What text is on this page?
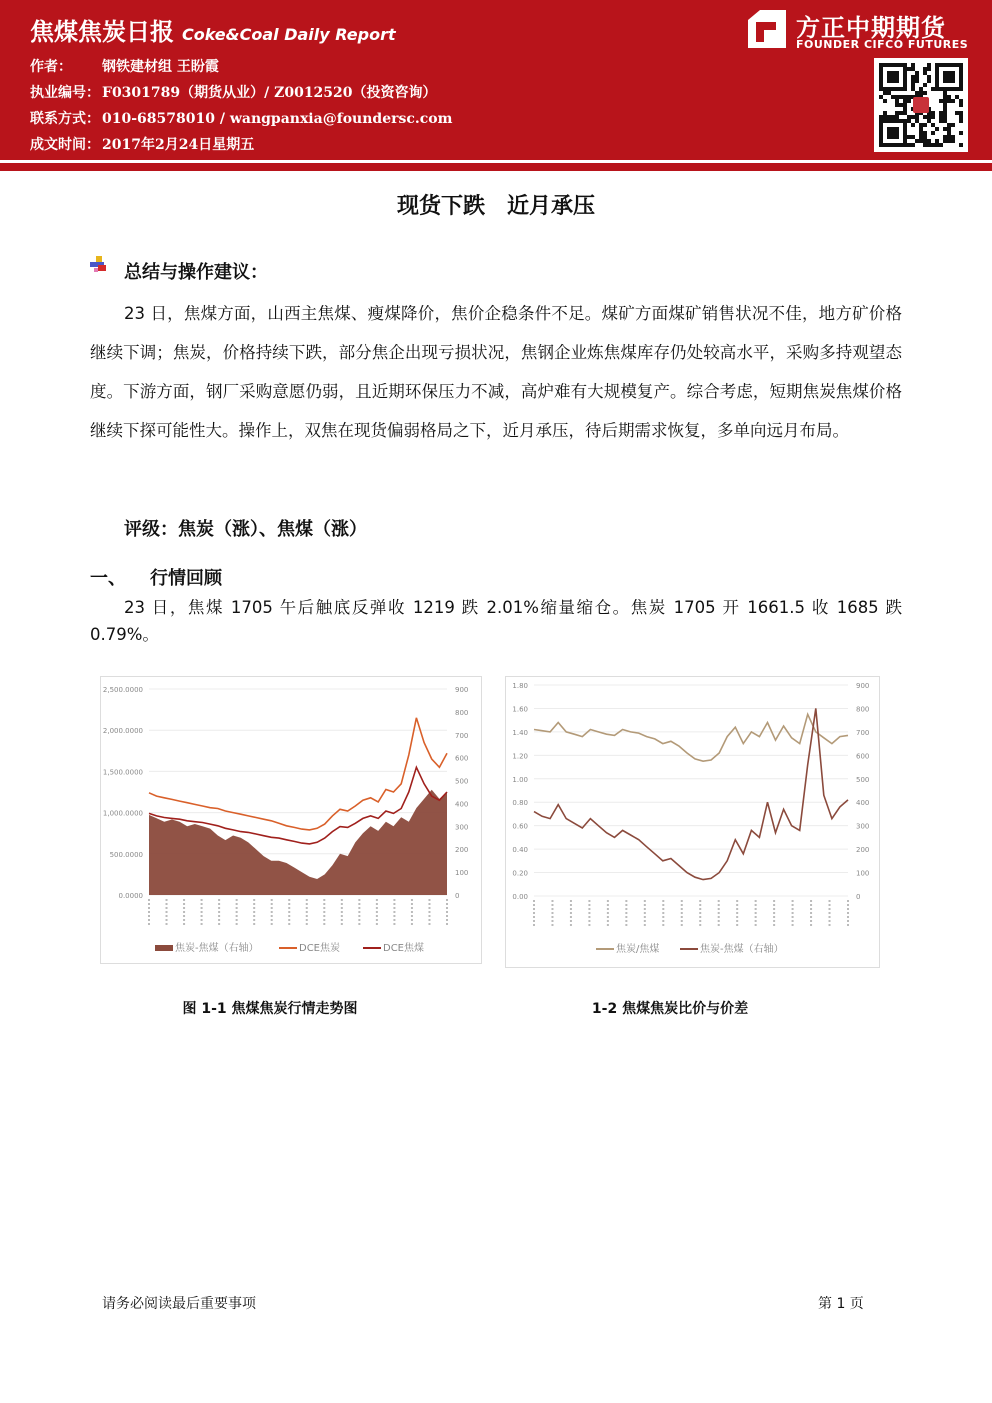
焦煤焦炭日报 Coke&Coal Daily Report
作者： 钢铁建材组 王盼霞
执业编号： F0301789（期货从业）/ Z0012520（投资咨询）
联系方式： 010-68578010 / wangpanxia@foundersc.com
成文时间： 2017年2月24日星期五
方正中期期货
FOUNDER CIFCO FUTURES
现货下跌　近月承压
总结与操作建议：

23 日，焦煤方面，山西主焦煤、瘦煤降价，焦价企稳条件不足。煤矿方面煤矿销售状况不佳，地方矿价格继续下调；焦炭，价格持续下跌，部分焦企出现亏损状况，焦钢企业炼焦煤库存仍处较高水平，采购多持观望态度。下游方面，钢厂采购意愿仍弱，且近期环保压力不减，高炉难有大规模复产。综合考虑，短期焦炭焦煤价格继续下探可能性大。操作上，双焦在现货偏弱格局之下，近月承压，待后期需求恢复，多单向远月布局。

评级：焦炭（涨）、焦煤（涨）
一、 行情回顾

23 日，焦煤 1705 午后触底反弹收 1219 跌 2.01%缩量缩仓。焦炭 1705 开 1661.5 收 1685 跌 0.79%。

0.0000
500.0000
1,000.0000
1,500.0000
2,000.0000
2,500.0000
0
100
200
300
400
500
600
700
800
900
焦炭-焦煤（右轴）	DCE焦炭	DCE焦煤
0.00
0.20
0.40
0.60
0.80
1.00
1.20
1.40
1.60
1.80
0
100
200
300
400
500
600
700
800
900
焦炭/焦煤	焦炭-焦煤（右轴）
图 1-1 焦煤焦炭行情走势图	1-2 焦煤焦炭比价与价差
请务必阅读最后重要事项	第 1 页
